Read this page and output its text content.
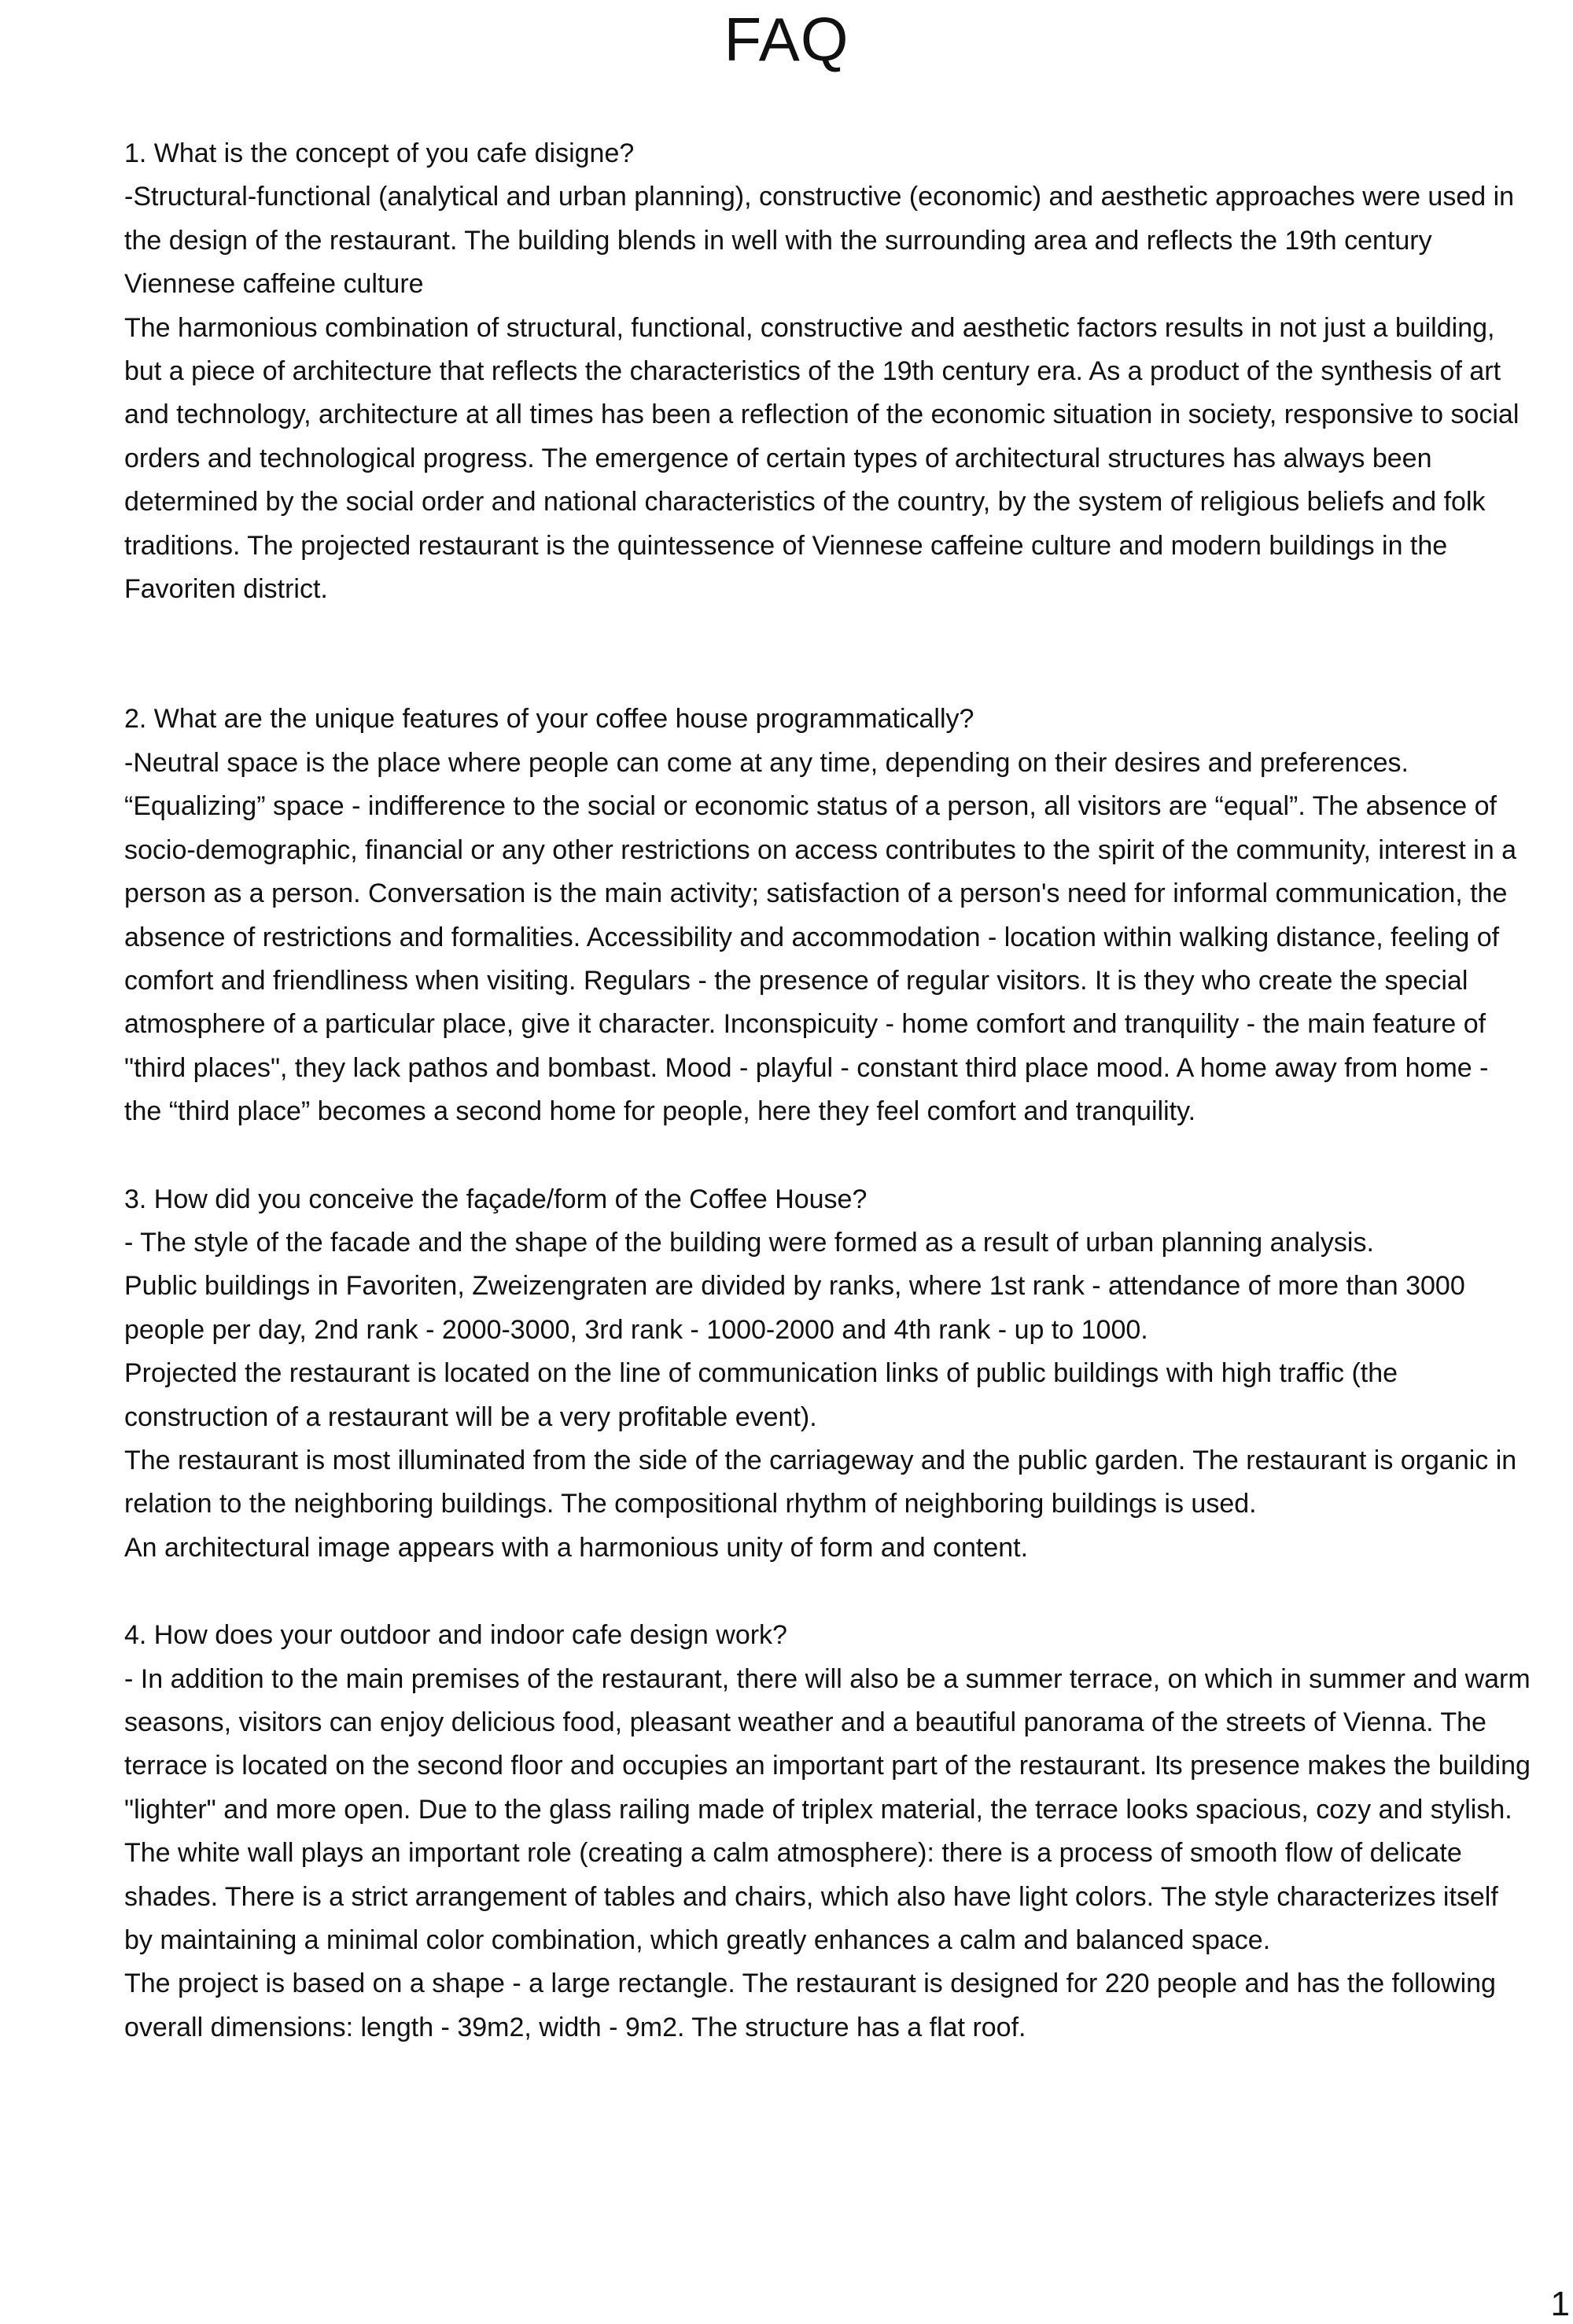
FAQ

1. What is the concept of you cafe disigne?

-Structural-functional (analytical and urban planning), constructive (economic) and aesthetic approaches were used in the design of the restaurant. The building blends in well with the surrounding area and reflects the 19th century Viennese caffeine culture

The harmonious combination of structural, functional, constructive and aesthetic factors results in not just a building, but a piece of architecture that reflects the characteristics of the 19th century era. As a product of the synthesis of art and technology, architecture at all times has been a reflection of the economic situation in society, responsive to social orders and technological progress. The emergence of certain types of architectural structures has always been determined by the social order and national characteristics of the country, by the system of religious beliefs and folk traditions. The projected restaurant is the quintessence of Viennese caffeine culture and modern buildings in the Favoriten district.

2. What are the unique features of your coffee house programmatically?

-Neutral space is the place where people can come at any time, depending on their desires and preferences. “Equalizing” space - indifference to the social or economic status of a person, all visitors are “equal”. The absence of socio-demographic, financial or any other restrictions on access contributes to the spirit of the community, interest in a person as a person. Conversation is the main activity; satisfaction of a person's need for informal communication, the absence of restrictions and formalities. Accessibility and accommodation - location within walking distance, feeling of comfort and friendliness when visiting. Regulars - the presence of regular visitors. It is they who create the special atmosphere of a particular place, give it character. Inconspicuity - home comfort and tranquility - the main feature of "third places", they lack pathos and bombast. Mood - playful - constant third place mood. A home away from home - the “third place” becomes a second home for people, here they feel comfort and tranquility.

3. How did you conceive the façade/form of the Coffee House?

- The style of the facade and the shape of the building were formed as a result of urban planning analysis.

Public buildings in Favoriten, Zweizengraten are divided by ranks, where 1st rank - attendance of more than 3000 people per day, 2nd rank - 2000-3000, 3rd rank - 1000-2000 and 4th rank - up to 1000.

Projected the restaurant is located on the line of communication links of public buildings with high traffic (the construction of a restaurant will be a very profitable event).

The restaurant is most illuminated from the side of the carriageway and the public garden. The restaurant is organic in relation to the neighboring buildings. The compositional rhythm of neighboring buildings is used.

An architectural image appears with a harmonious unity of form and content.

4. How does your outdoor and indoor cafe design work?

- In addition to the main premises of the restaurant, there will also be a summer terrace, on which in summer and warm seasons, visitors can enjoy delicious food, pleasant weather and a beautiful panorama of the streets of Vienna. The terrace is located on the second floor and occupies an important part of the restaurant. Its presence makes the building "lighter" and more open. Due to the glass railing made of triplex material, the terrace looks spacious, cozy and stylish. The white wall plays an important role (creating a calm atmosphere): there is a process of smooth flow of delicate shades. There is a strict arrangement of tables and chairs, which also have light colors. The style characterizes itself by maintaining a minimal color combination, which greatly enhances a calm and balanced space.

The project is based on a shape - a large rectangle. The restaurant is designed for 220 people and has the following overall dimensions: length - 39m2, width - 9m2. The structure has a flat roof.

1
